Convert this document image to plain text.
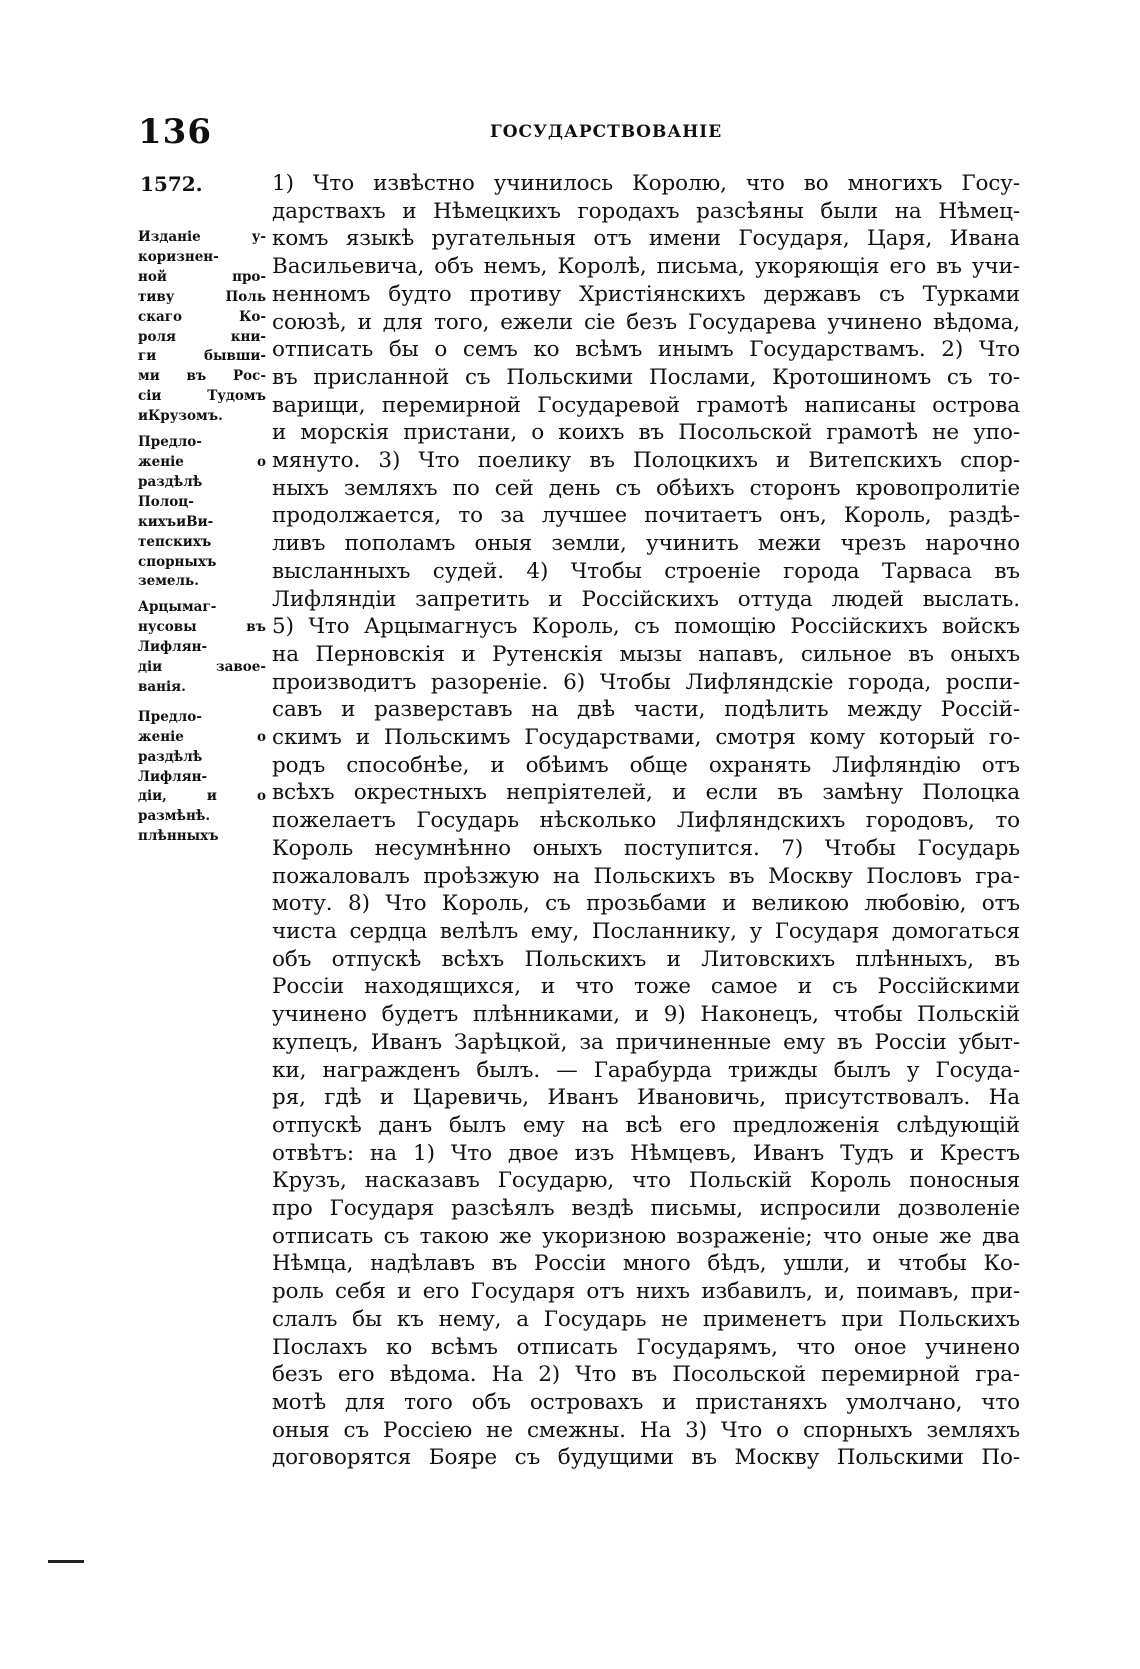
136	ГОСУДАРСТВОВАНІЕ
1572.
Изданіе у-
коризнен-
ной про-
тиву Поль
скаго Ко-
роля кни-
ги бывши-
ми въ Рос-
сіи Тудомъ
иКрузомъ.
Предло-
женіе о
раздѣлѣ
Полоц-
кихъиВи-
тепскихъ
спорныхъ
земель.
Арцымаг-
нусовы въ
Лифлян-
діи завое-
ванія.
Предло-
женіе о
раздѣлѣ
Лифлян-
діи, и о
размѣнѣ.
плѣнныхъ
1) Что извѣстно учинилось Королю, что во многихъ Госу-
дарствахъ и Нѣмецкихъ городахъ разсѣяны были на Нѣмец-
комъ языкѣ ругательныя отъ имени Государя, Царя, Ивана
Васильевича, объ немъ, Королѣ, письма, укоряющія его въ учи-
ненномъ будто противу Христіянскихъ державъ съ Турками
союзѣ, и для того, ежели сіе безъ Государева учинено вѣдома,
отписать бы о семъ ко всѣмъ инымъ Государствамъ. 2) Что
въ присланной съ Польскими Послами, Кротошиномъ съ то-
варищи, перемирной Государевой грамотѣ написаны острова
и морскія пристани, о коихъ въ Посольской грамотѣ не упо-
мянуто. 3) Что поелику въ Полоцкихъ и Витепскихъ спор-
ныхъ земляхъ по сей день съ обѣихъ сторонъ кровопролитіе
продолжается, то за лучшее почитаетъ онъ, Король, раздѣ-
ливъ пополамъ оныя земли, учинить межи чрезъ нарочно
высланныхъ судей. 4) Чтобы строеніе города Тарваса въ
Лифляндіи запретить и Россійскихъ оттуда людей выслать.
5) Что Арцымагнусъ Король, съ помощію Россійскихъ войскъ
на Перновскія и Рутенскія мызы напавъ, сильное въ оныхъ
производитъ разореніе. 6) Чтобы Лифляндскіе города, роспи-
савъ и разверставъ на двѣ части, подѣлить между Россій-
скимъ и Польскимъ Государствами, смотря кому который го-
родъ способнѣе, и обѣимъ обще охранять Лифляндію отъ
всѣхъ окрестныхъ непріятелей, и если въ замѣну Полоцка
пожелаетъ Государь нѣсколько Лифляндскихъ городовъ, то
Король несумнѣнно оныхъ поступится. 7) Чтобы Государь
пожаловалъ проѣзжую на Польскихъ въ Москву Пословъ гра-
моту. 8) Что Король, съ прозьбами и великою любовію, отъ
чиста сердца велѣлъ ему, Посланнику, у Государя домогаться
объ отпускѣ всѣхъ Польскихъ и Литовскихъ плѣнныхъ, въ
Россіи находящихся, и что тоже самое и съ Россійскими
учинено будетъ плѣнниками, и 9) Наконецъ, чтобы Польскій
купецъ, Иванъ Зарѣцкой, за причиненные ему въ Россіи убыт-
ки, награжденъ былъ. — Гарабурда трижды былъ у Госуда-
ря, гдѣ и Царевичь, Иванъ Ивановичь, присутствовалъ. На
отпускѣ данъ былъ ему на всѣ его предложенія слѣдующій
отвѣтъ: на 1) Что двое изъ Нѣмцевъ, Иванъ Тудъ и Крестъ
Крузъ, насказавъ Государю, что Польскій Король поносныя
про Государя разсѣялъ вездѣ письмы, испросили дозволеніе
отписать съ такою же укоризною возраженіе; что оные же два
Нѣмца, надѣлавъ въ Россіи много бѣдъ, ушли, и чтобы Ко-
роль себя и его Государя отъ нихъ избавилъ, и, поимавъ, при-
слалъ бы къ нему, а Государь не применетъ при Польскихъ
Послахъ ко всѣмъ отписать Государямъ, что оное учинено
безъ его вѣдома. На 2) Что въ Посольской перемирной гра-
мотѣ для того объ островахъ и пристаняхъ умолчано, что
оныя съ Россіею не смежны. На 3) Что о спорныхъ земляхъ
договорятся Бояре съ будущими въ Москву Польскими По-
